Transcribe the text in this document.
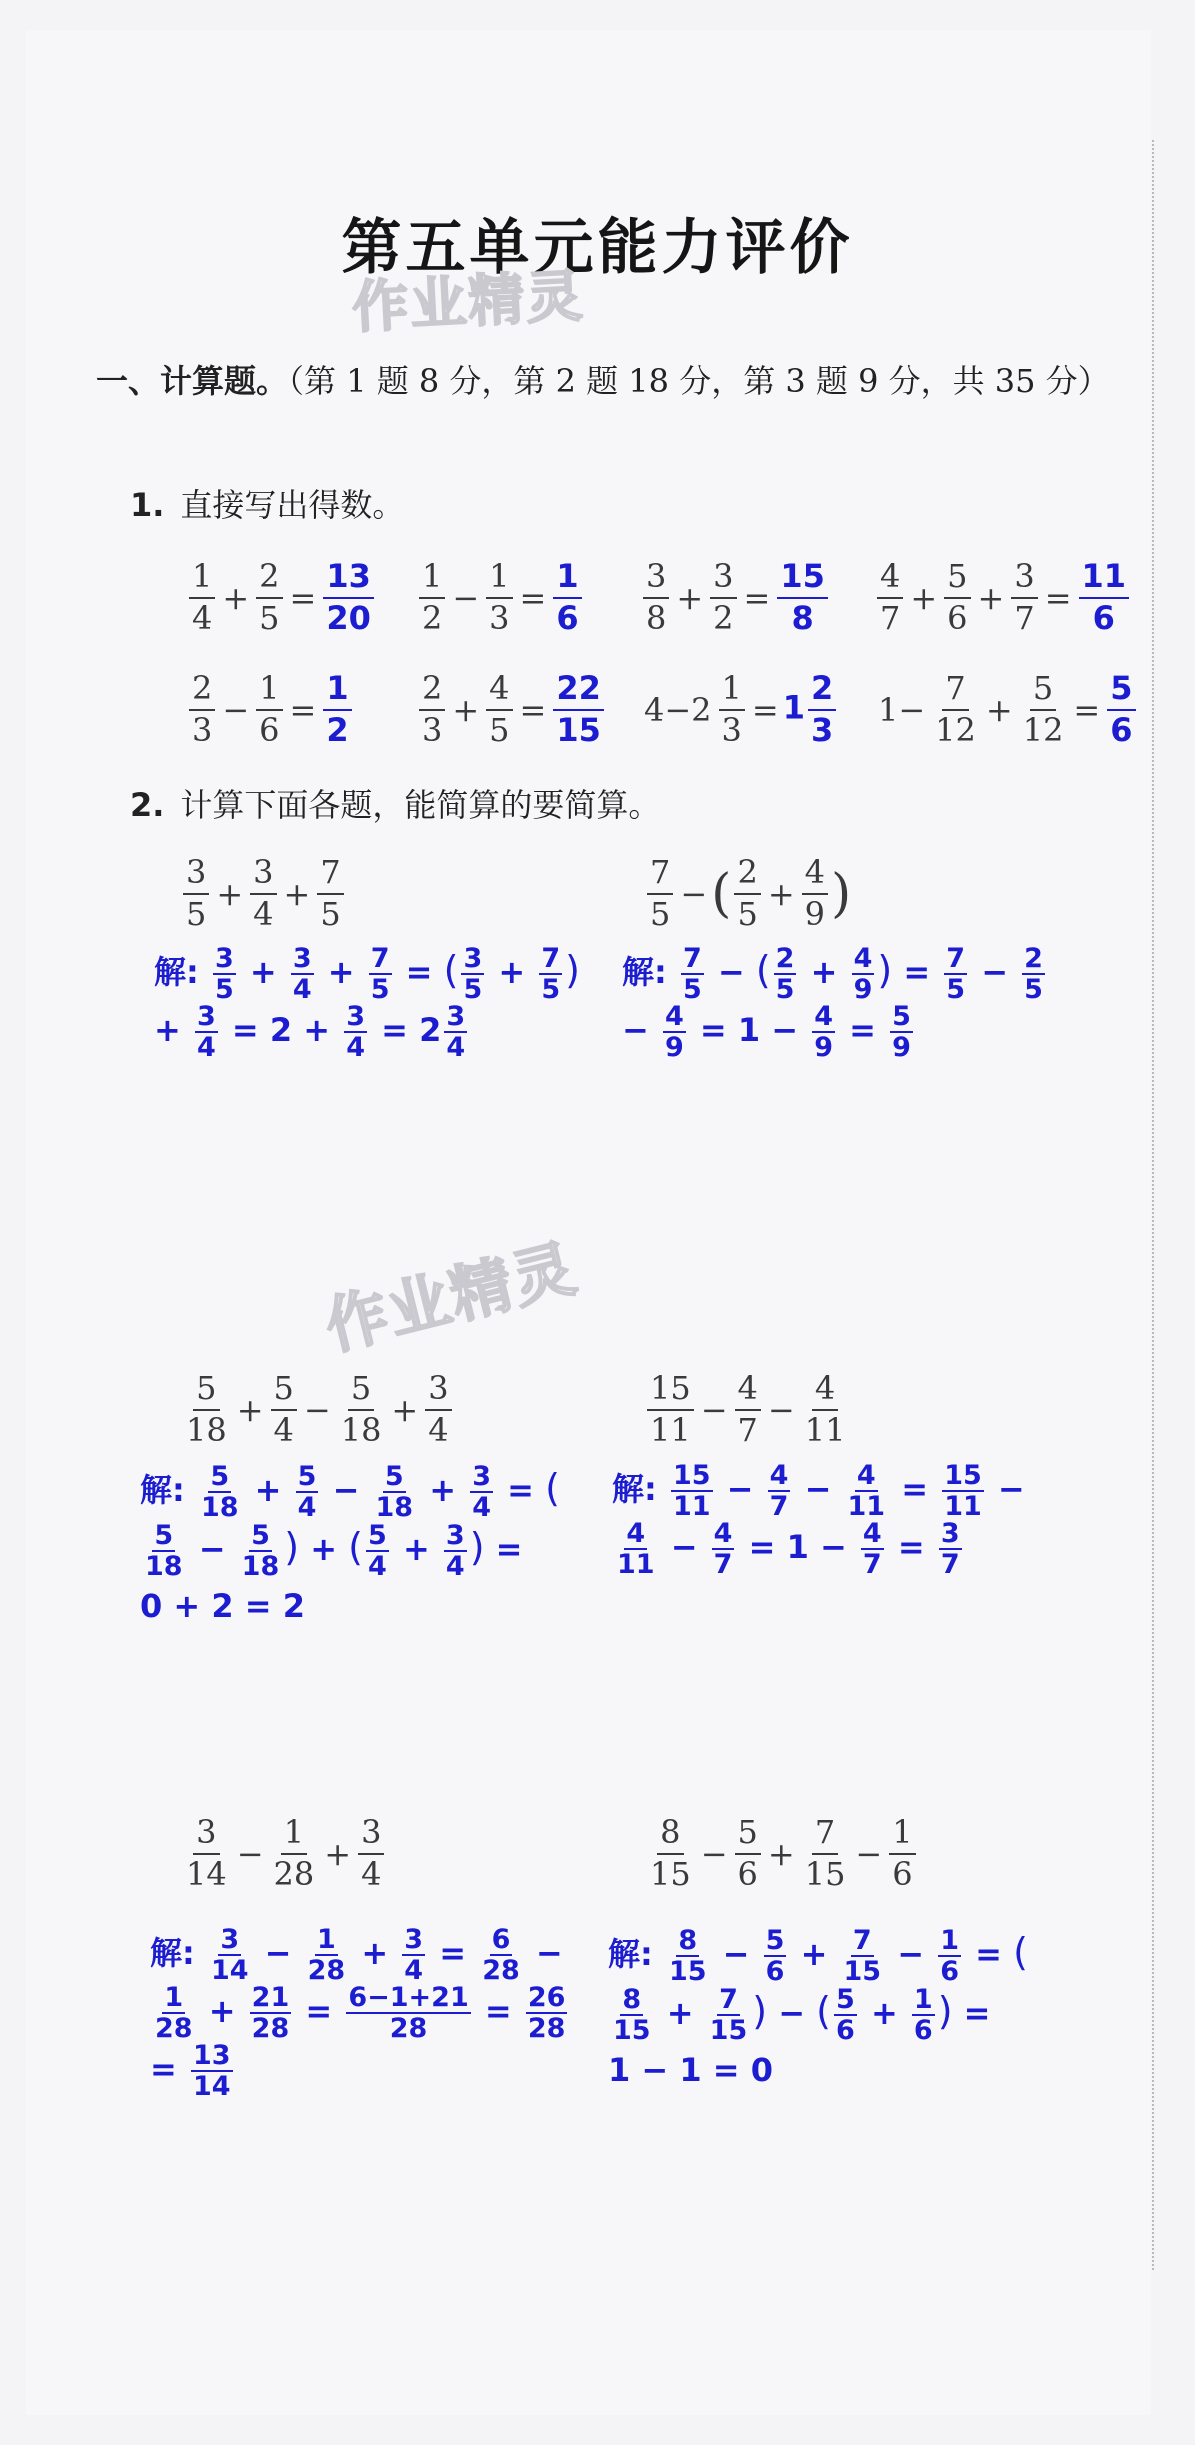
第五单元能力评价
作业精灵
作业精灵
一、计算题。（第 1 题 8 分，第 2 题 18 分，第 3 题 9 分，共 35 分）
1. 直接写出得数。
$\frac{1}{4} + \frac{2}{5} = \frac{13}{20} \frac{1}{2} - \frac{1}{3} = \frac{1}{6} \frac{3}{8} + \frac{3}{2} = \frac{15}{8} \frac{4}{7} + \frac{5}{6} + \frac{3}{7} = \frac{11}{6}$
$\frac{2}{3} - \frac{1}{6} = \frac{1}{2} \frac{2}{3} + \frac{4}{5} = \frac{22}{15} 4-2 \frac{1}{3} = 1 \frac{2}{3} 1- \frac{7}{12} + \frac{5}{12} = \frac{5}{6}$
2. 计算下面各题，能简算的要简算。
$\frac{3}{5} + \frac{3}{4} + \frac{7}{5}$	$\frac{7}{5}$ − ( $\frac{2}{5} + \frac{4}{9}$ )
$\frac{5}{18} + \frac{5}{4} - \frac{5}{18} + \frac{3}{4}$	$\frac{15}{11} - \frac{4}{7} - \frac{4}{11}$
$\frac{3}{14} - \frac{1}{28} + \frac{3}{4}$	$\frac{8}{15} - \frac{5}{6} + \frac{7}{15} - \frac{1}{6}$
解: $\frac{3}{5} + \frac{3}{4} + \frac{7}{5}$ = ( $\frac{3}{5} + \frac{7}{5}$ ) + $\frac{3}{4} = 2 + \frac{3}{4} = 2 \frac{3}{4}$
解: $\frac{7}{5}$ − ( $\frac{2}{5} + \frac{4}{9}$ ) = $\frac{7}{5} - \frac{2}{5}$
− $\frac{4}{9} = 1 - \frac{4}{9} = \frac{5}{9}$
解: $\frac{5}{18} + \frac{5}{4} - \frac{5}{18} + \frac{3}{4}$ = (
$\frac{5}{18} - \frac{5}{18}$ ) + ( $\frac{5}{4} + \frac{3}{4}$ ) =
0 + 2 = 2
解: $\frac{15}{11} - \frac{4}{7} - \frac{4}{11} = \frac{15}{11}$ −
$\frac{4}{11} - \frac{4}{7} = 1 - \frac{4}{7} = \frac{3}{7}$
解: $\frac{3}{14} - \frac{1}{28} + \frac{3}{4} = \frac{6}{28}$ −
$\frac{1}{28} + \frac{21}{28} = \frac{6-1+21}{28} = \frac{26}{28}$
= $\frac{13}{14}$
解: $\frac{8}{15} - \frac{5}{6} + \frac{7}{15} - \frac{1}{6}$ = (
$\frac{8}{15} + \frac{7}{15}$ ) − ( $\frac{5}{6} + \frac{1}{6}$ ) =
1 − 1 = 0
